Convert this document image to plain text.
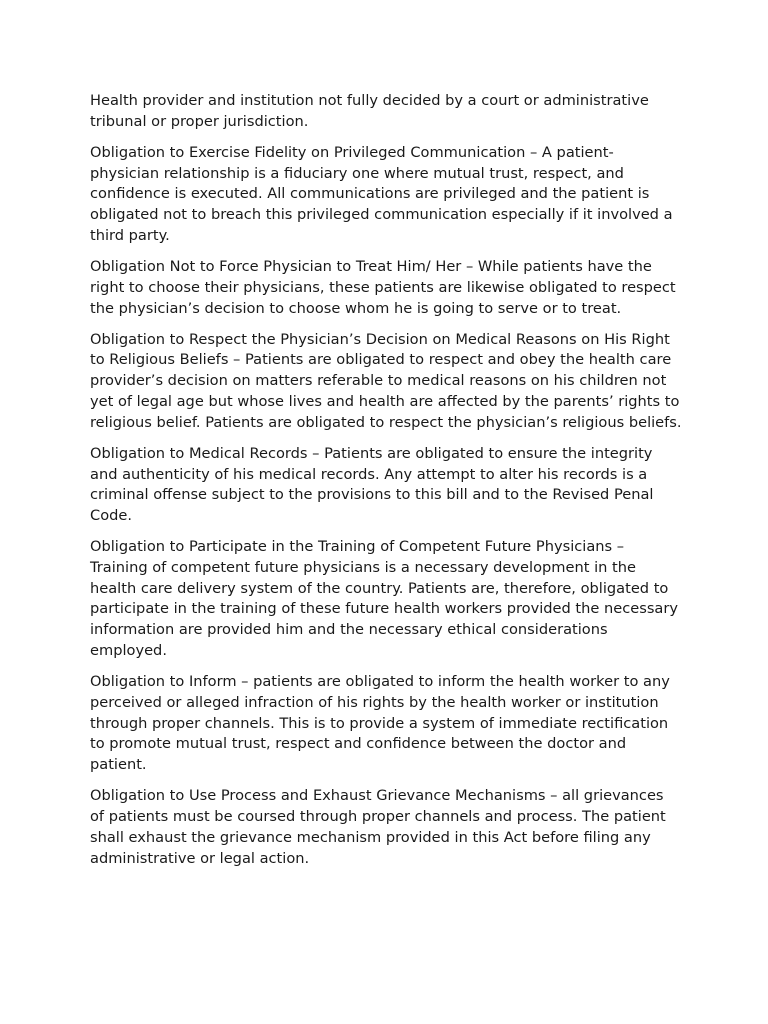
Health provider and institution not fully decided by a court or administrative tribunal or proper jurisdiction.

Obligation to Exercise Fidelity on Privileged Communication – A patient-physician relationship is a fiduciary one where mutual trust, respect, and confidence is executed. All communications are privileged and the patient is obligated not to breach this privileged communication especially if it involved a third party.

Obligation Not to Force Physician to Treat Him/ Her – While patients have the right to choose their physicians, these patients are likewise obligated to respect the physician’s decision to choose whom he is going to serve or to treat.

Obligation to Respect the Physician’s Decision on Medical Reasons on His Right to Religious Beliefs – Patients are obligated to respect and obey the health care provider’s decision on matters referable to medical reasons on his children not yet of legal age but whose lives and health are affected by the parents’ rights to religious belief. Patients are obligated to respect the physician’s religious beliefs.

Obligation to Medical Records – Patients are obligated to ensure the integrity and authenticity of his medical records. Any attempt to alter his records is a criminal offense subject to the provisions to this bill and to the Revised Penal Code.

Obligation to Participate in the Training of Competent Future Physicians – Training of competent future physicians is a necessary development in the health care delivery system of the country. Patients are, therefore, obligated to participate in the training of these future health workers provided the necessary information are provided him and the necessary ethical considerations employed.

Obligation to Inform – patients are obligated to inform the health worker to any perceived or alleged infraction of his rights by the health worker or institution through proper channels. This is to provide a system of immediate rectification to promote mutual trust, respect and confidence between the doctor and patient.

Obligation to Use Process and Exhaust Grievance Mechanisms – all grievances of patients must be coursed through proper channels and process. The patient shall exhaust the grievance mechanism provided in this Act before filing any administrative or legal action.
